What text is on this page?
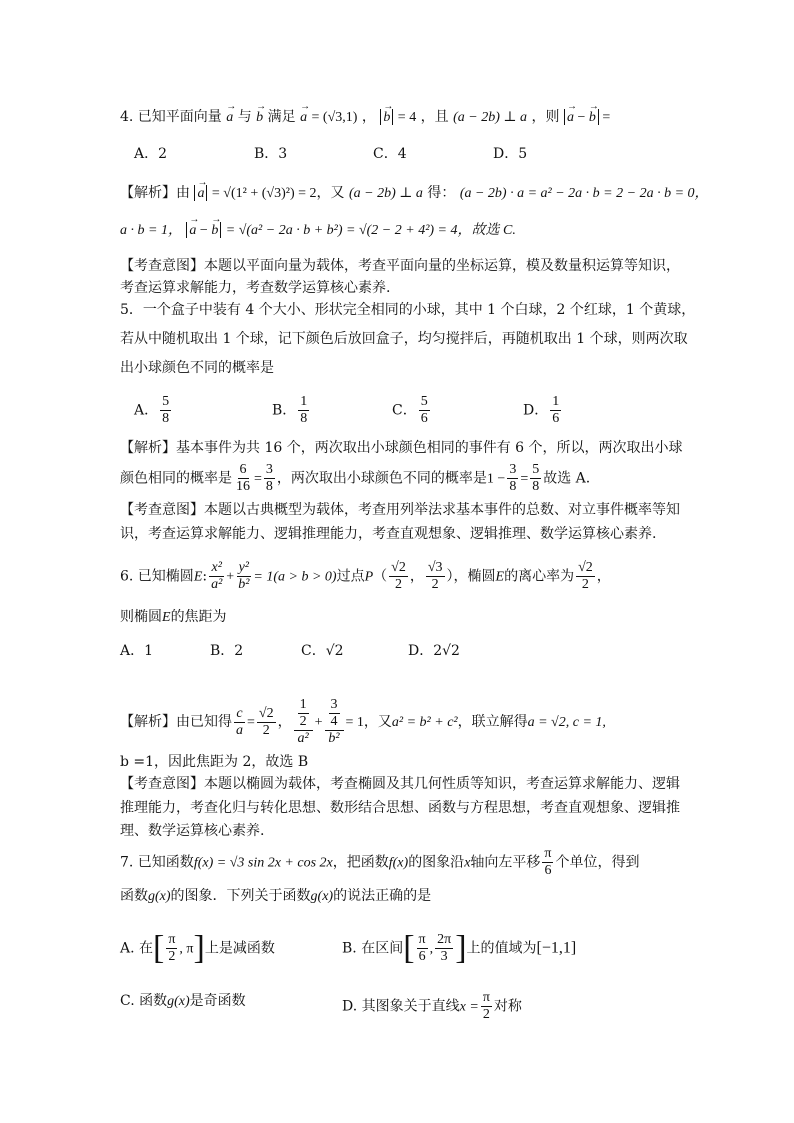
4. 已知平面向量 → a 与 → b 满足 → a = (√3,1) ， → b = 4 ，且 (a − 2b) ⊥ a ，则 → a − → b =
A．2	B．3	C．4	D．5
【解析】由 → a = √(1² + (√3)²) = 2，又 (a − 2b) ⊥ a 得： (a − 2b) · a = a² − 2a · b = 2 − 2a · b = 0，
a · b = 1， → a − → b = √(a² − 2a · b + b²) = √(2 − 2 + 4²) = 4，故选 C.
【考查意图】本题以平面向量为载体，考查平面向量的坐标运算，模及数量积运算等知识，
考查运算求解能力，考查数学运算核心素养.
5．一个盒子中装有 4 个大小、形状完全相同的小球，其中 1 个白球，2 个红球，1 个黄球，
若从中随机取出 1 个球，记下颜色后放回盒子，均匀搅拌后，再随机取出 1 个球，则两次取
出小球颜色不同的概率是
A． $\frac{5}{8}$	B． $\frac{1}{8}$	C． $\frac{5}{6}$	D． $\frac{1}{6}$
【解析】基本事件为共 16 个，两次取出小球颜色相同的事件有 6 个，所以，两次取出小球
颜色相同的概率是 $\frac{6}{16} = \frac{3}{8}$ ，两次取出小球颜色不同的概率是$1 - \frac{3}{8} = \frac{5}{8}$ 故选 A.
【考查意图】本题以古典概型为载体，考查用列举法求基本事件的总数、对立事件概率等知
识，考查运算求解能力、逻辑推理能力，考查直观想象、逻辑推理、数学运算核心素养.
6. 已知椭圆E: $\frac{\text{x²}}{\text{a²}} + \frac{\text{y²}}{\text{b²}} = 1(a > b > 0)$过点$P( \frac{√2}{2}$ ， $\frac{√3}{2}$ ），椭圆E的离心率为 $\frac{√2}{2}$ ，
则椭圆E的焦距为
A．1	B．2	C．√2	D．2√2
【解析】由已知得 $\frac{c}{a} = \frac{√2}{2}$ ， $\frac{\frac{1}{2}}{\text{a²}} + \frac{\frac{3}{4}}{\text{b²}} = 1$，又a² = b² + c²，联立解得a = √2, c = 1,
b =1，因此焦距为 2，故选 B
【考查意图】本题以椭圆为载体，考查椭圆及其几何性质等知识，考查运算求解能力、逻辑
推理能力，考查化归与转化思想、数形结合思想、函数与方程思想，考查直观想象、逻辑推
理、数学运算核心素养.
7. 已知函数f(x) = √3 sin 2x + cos 2x，把函数f(x)的图象沿x轴向左平移 $\frac{\pi}{6}$ 个单位，得到
函数g(x)的图象．下列关于函数g(x)的说法正确的是
A. 在[ $\frac{\pi}{2}$ , π]上是减函数	B. 在区间[ $\frac{\pi}{6}$ , $\frac{2\pi}{3}$ ]上的值域为[−1,1]
C. 函数g(x)是奇函数	D. 其图象关于直线$x = \frac{\pi}{2}$ 对称
